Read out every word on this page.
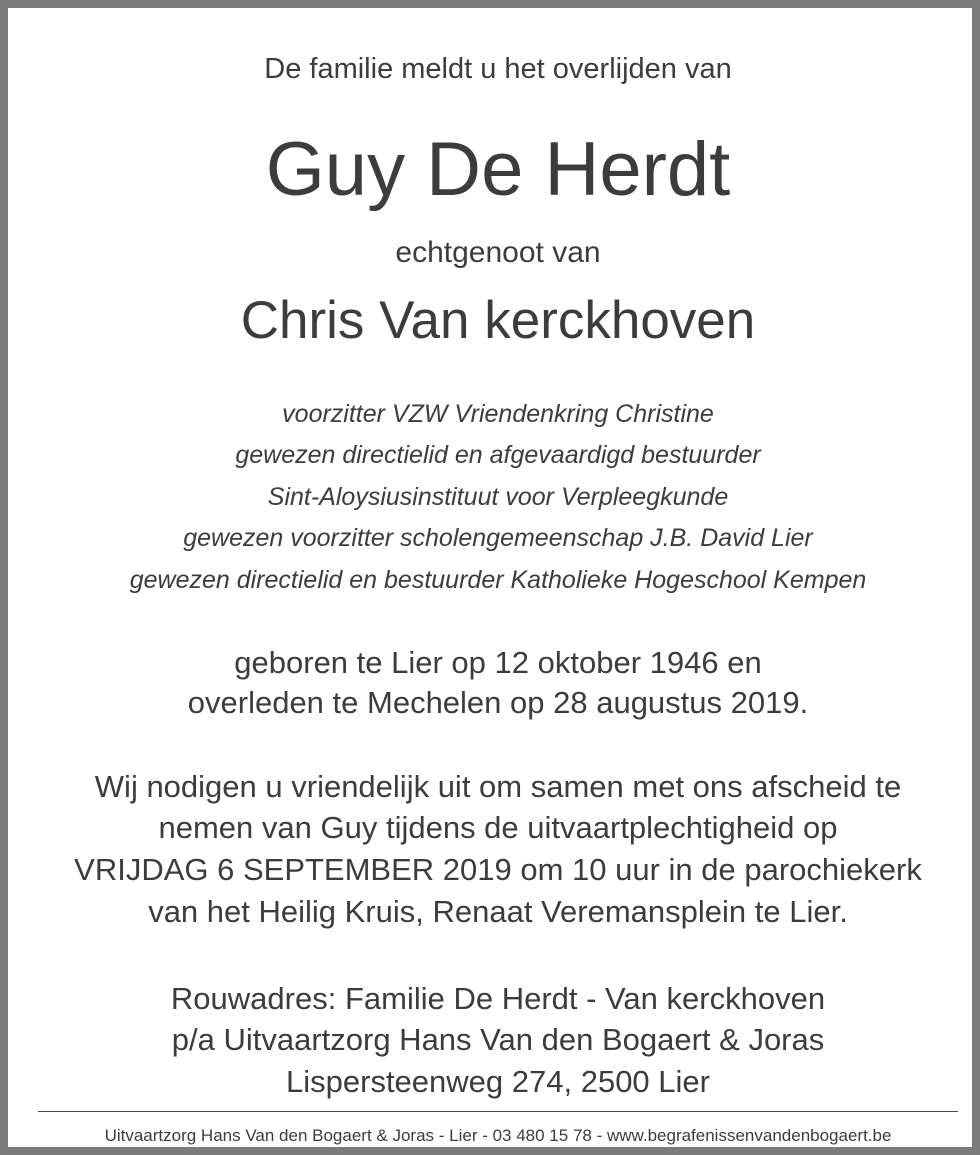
De familie meldt u het overlijden van
Guy De Herdt
echtgenoot van
Chris Van kerckhoven
voorzitter VZW Vriendenkring Christine
gewezen directielid en afgevaardigd bestuurder
Sint-Aloysiusinstituut voor Verpleegkunde
gewezen voorzitter scholengemeenschap J.B. David Lier
gewezen directielid en bestuurder Katholieke Hogeschool Kempen
geboren te Lier op 12 oktober 1946 en
overleden te Mechelen op 28 augustus 2019.
Wij nodigen u vriendelijk uit om samen met ons afscheid te
nemen van Guy tijdens de uitvaartplechtigheid op
VRIJDAG 6 SEPTEMBER 2019 om 10 uur in de parochiekerk
van het Heilig Kruis, Renaat Veremansplein te Lier.
Rouwadres: Familie De Herdt - Van kerckhoven
p/a Uitvaartzorg Hans Van den Bogaert & Joras
Lispersteenweg 274, 2500 Lier
Uitvaartzorg Hans Van den Bogaert & Joras - Lier - 03 480 15 78 - www.begrafenissenvandenbogaert.be
